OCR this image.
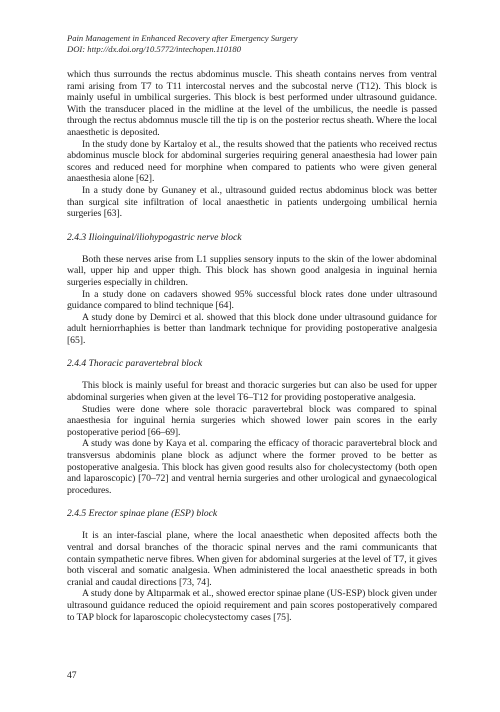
Pain Management in Enhanced Recovery after Emergency Surgery
DOI: http://dx.doi.org/10.5772/intechopen.110180

which thus surrounds the rectus abdominus muscle. This sheath contains nerves from ventral rami arising from T7 to T11 intercostal nerves and the subcostal nerve (T12). This block is mainly useful in umbilical surgeries. This block is best performed under ultrasound guidance. With the transducer placed in the midline at the level of the umbilicus, the needle is passed through the rectus abdomnus muscle till the tip is on the posterior rectus sheath. Where the local anaesthetic is deposited.

In the study done by Kartaloy et al., the results showed that the patients who received rectus abdominus muscle block for abdominal surgeries requiring general anaesthesia had lower pain scores and reduced need for morphine when compared to patients who were given general anaesthesia alone [62].

In a study done by Gunaney et al., ultrasound guided rectus abdominus block was better than surgical site infiltration of local anaesthetic in patients undergoing umbilical hernia surgeries [63].

2.4.3 Ilioinguinal/iliohypogastric nerve block

Both these nerves arise from L1 supplies sensory inputs to the skin of the lower abdominal wall, upper hip and upper thigh. This block has shown good analgesia in inguinal hernia surgeries especially in children.

In a study done on cadavers showed 95% successful block rates done under ultrasound guidance compared to blind technique [64].

A study done by Demirci et al. showed that this block done under ultrasound guidance for adult herniorrhaphies is better than landmark technique for providing postoperative analgesia [65].

2.4.4 Thoracic paravertebral block

This block is mainly useful for breast and thoracic surgeries but can also be used for upper abdominal surgeries when given at the level T6–T12 for providing postoperative analgesia.

Studies were done where sole thoracic paravertebral block was compared to spinal anaesthesia for inguinal hernia surgeries which showed lower pain scores in the early postoperative period [66–69].

A study was done by Kaya et al. comparing the efficacy of thoracic paravertebral block and transversus abdominis plane block as adjunct where the former proved to be better as postoperative analgesia. This block has given good results also for cholecystectomy (both open and laparoscopic) [70–72] and ventral hernia surgeries and other urological and gynaecological procedures.

2.4.5 Erector spinae plane (ESP) block

It is an inter-fascial plane, where the local anaesthetic when deposited affects both the ventral and dorsal branches of the thoracic spinal nerves and the rami communicants that contain sympathetic nerve fibres. When given for abdominal surgeries at the level of T7, it gives both visceral and somatic analgesia. When administered the local anaesthetic spreads in both cranial and caudal directions [73, 74].

A study done by Altıparmak et al., showed erector spinae plane (US-ESP) block given under ultrasound guidance reduced the opioid requirement and pain scores postoperatively compared to TAP block for laparoscopic cholecystectomy cases [75].

47
